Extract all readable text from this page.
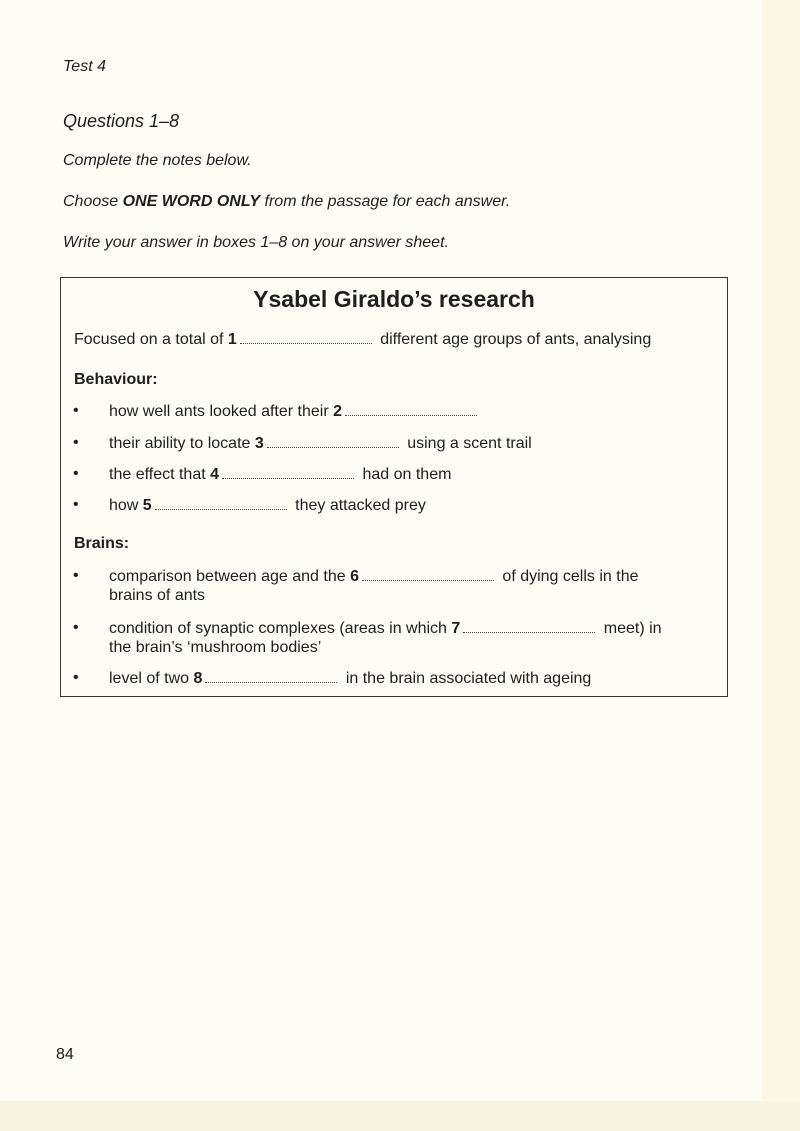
Test 4
Questions 1–8
Complete the notes below.
Choose ONE WORD ONLY from the passage for each answer.
Write your answer in boxes 1–8 on your answer sheet.
Ysabel Giraldo’s research
Focused on a total of 1	different age groups of ants, analysing
Behaviour:
• how well ants looked after their 2
• their ability to locate 3	using a scent trail
• the effect that 4	had on them
• how 5	they attacked prey
Brains:
• comparison between age and the 6	of dying cells in the
brains of ants
• condition of synaptic complexes (areas in which 7	meet) in
the brain’s ‘mushroom bodies’
• level of two 8	in the brain associated with ageing
84
